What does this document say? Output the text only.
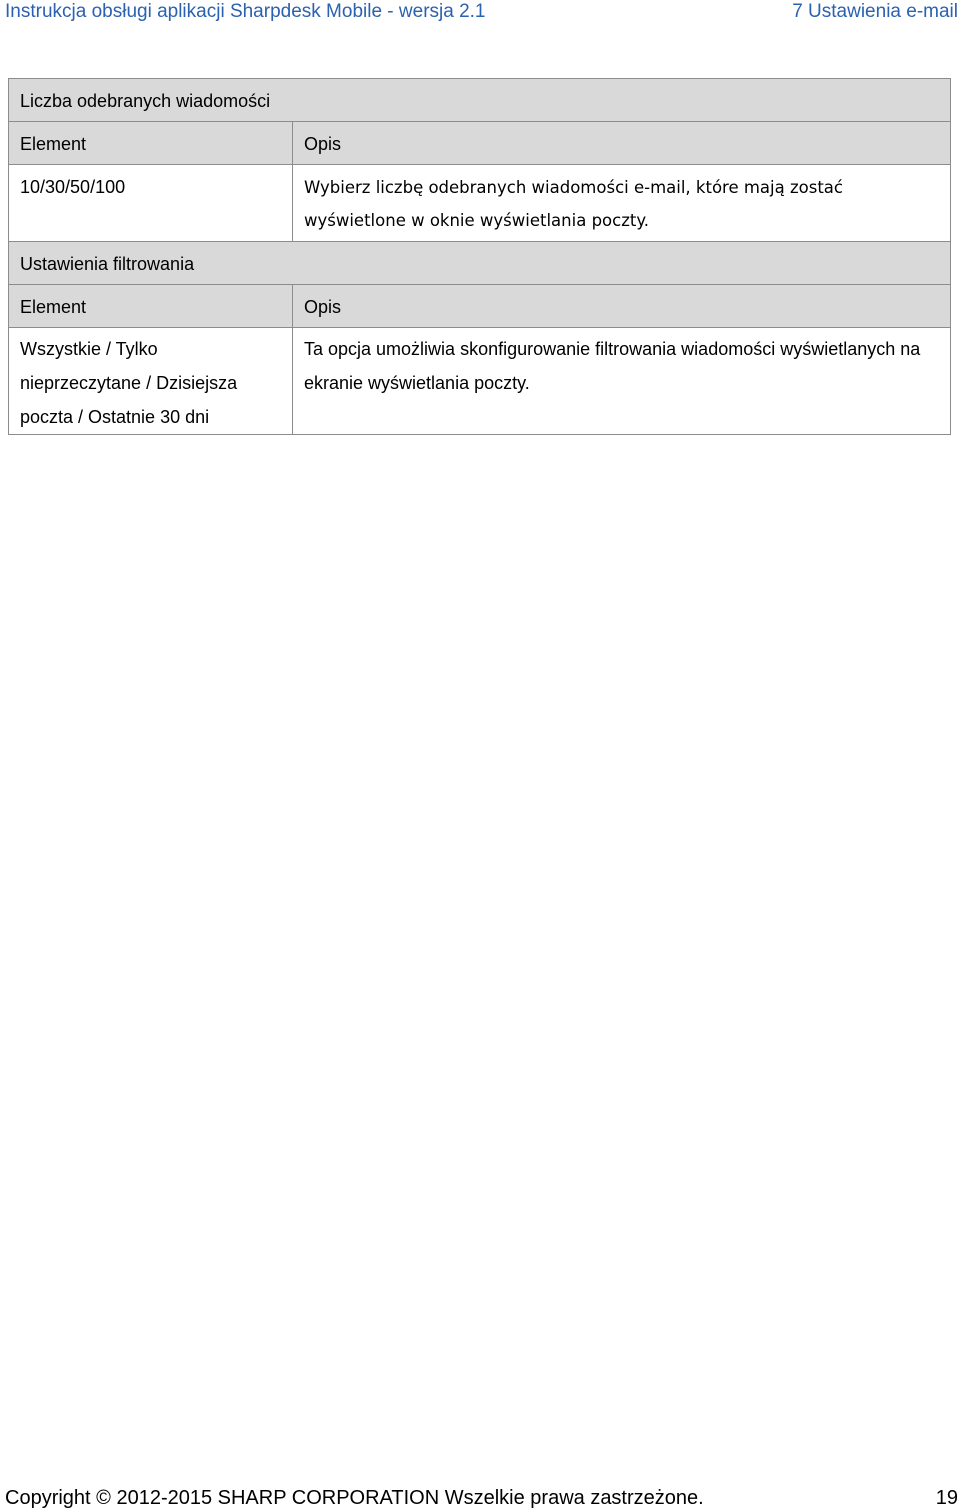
Instrukcja obsługi aplikacji Sharpdesk Mobile - wersja 2.1	7 Ustawienia e-mail
Liczba odebranych wiadomości	
Element	Opis
10/30/50/100	Wybierz liczbę odebranych wiadomości e-mail, które mają zostać wyświetlone w oknie wyświetlania poczty.
Ustawienia filtrowania	
Element	Opis
Wszystkie / Tylko nieprzeczytane / Dzisiejsza poczta / Ostatnie 30 dni	Ta opcja umożliwia skonfigurowanie filtrowania wiadomości wyświetlanych na ekranie wyświetlania poczty.
Copyright © 2012-2015 SHARP CORPORATION Wszelkie prawa zastrzeżone.	19
